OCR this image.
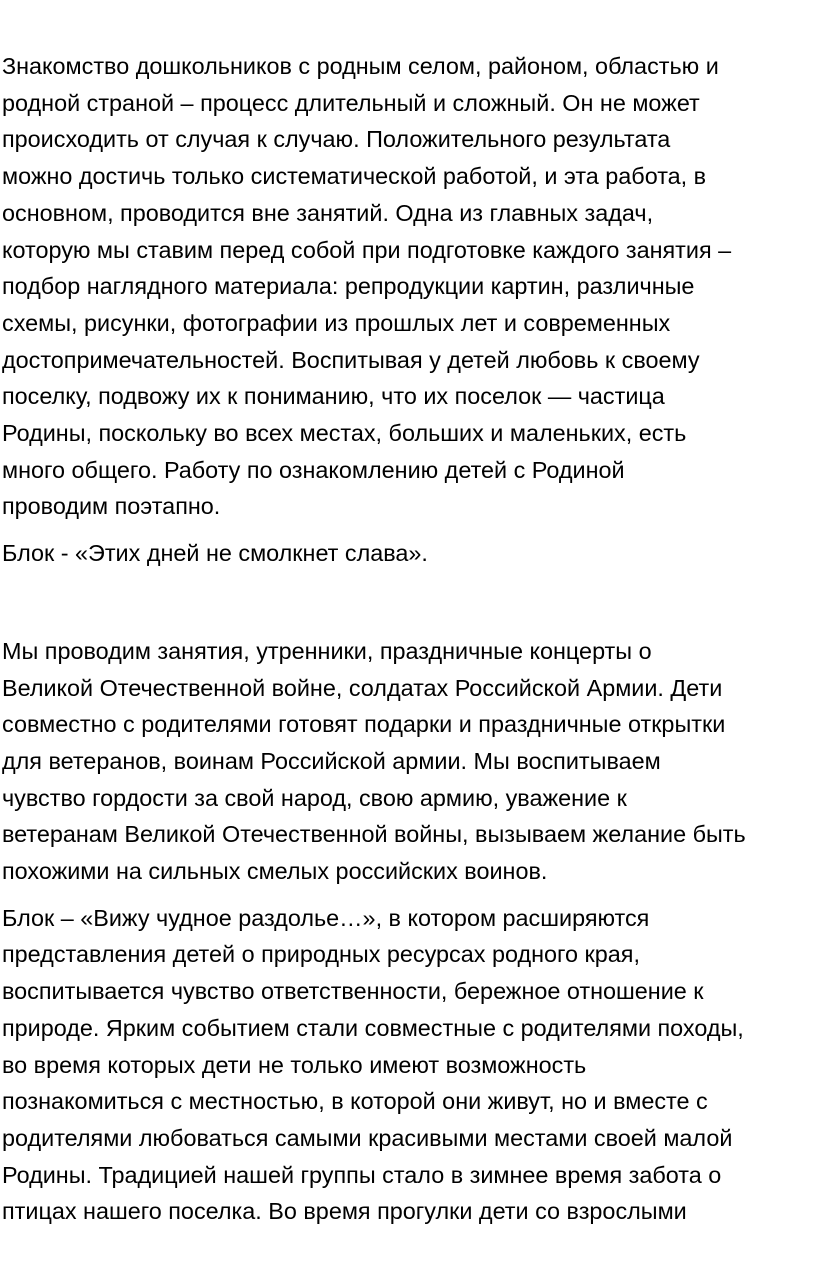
Знакомство дошкольников с родным селом, районом, областью и
родной страной – процесс длительный и сложный. Он не может
происходить от случая к случаю. Положительного результата
можно достичь только систематической работой, и эта работа, в
основном, проводится вне занятий. Одна из главных задач,
которую мы ставим перед собой при подготовке каждого занятия –
подбор наглядного материала: репродукции картин, различные
схемы, рисунки, фотографии из прошлых лет и современных
достопримечательностей. Воспитывая у детей любовь к своему
поселку, подвожу их к пониманию, что их поселок — частица
Родины, поскольку во всех местах, больших и маленьких, есть
много общего. Работу по ознакомлению детей с Родиной
проводим поэтапно.
Блок - «Этих дней не смолкнет слава».
Мы проводим занятия, утренники, праздничные концерты о
Великой Отечественной войне, солдатах Российской Армии. Дети
совместно с родителями готовят подарки и праздничные открытки
для ветеранов, воинам Российской армии. Мы воспитываем
чувство гордости за свой народ, свою армию, уважение к
ветеранам Великой Отечественной войны, вызываем желание быть
похожими на сильных смелых российских воинов.
Блок – «Вижу чудное раздолье…», в котором расширяются
представления детей о природных ресурсах родного края,
воспитывается чувство ответственности, бережное отношение к
природе. Ярким событием стали совместные с родителями походы,
во время которых дети не только имеют возможность
познакомиться с местностью, в которой они живут, но и вместе с
родителями любоваться самыми красивыми местами своей малой
Родины. Традицией нашей группы стало в зимнее время забота о
птицах нашего поселка. Во время прогулки дети со взрослыми
